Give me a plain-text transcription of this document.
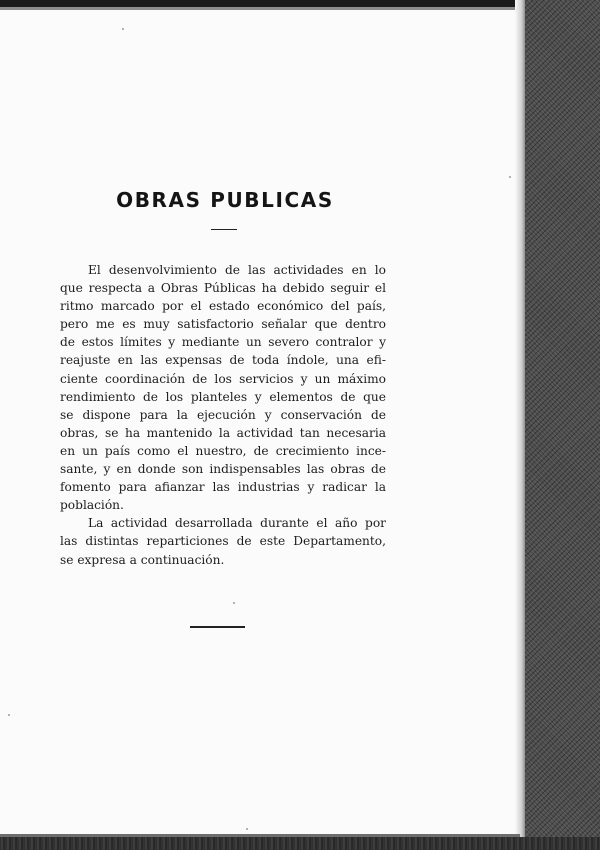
OBRAS PUBLICAS
El desenvolvimiento de las actividades en lo
que respecta a Obras Públicas ha debido seguir el
ritmo marcado por el estado económico del país,
pero me es muy satisfactorio señalar que dentro
de estos límites y mediante un severo contralor y
reajuste en las expensas de toda índole, una efi-
ciente coordinación de los servicios y un máximo
rendimiento de los planteles y elementos de que
se dispone para la ejecución y conservación de
obras, se ha mantenido la actividad tan necesaria
en un país como el nuestro, de crecimiento ince-
sante, y en donde son indispensables las obras de
fomento para afianzar las industrias y radicar la
población.
La actividad desarrollada durante el año por
las distintas reparticiones de este Departamento,
se expresa a continuación.
